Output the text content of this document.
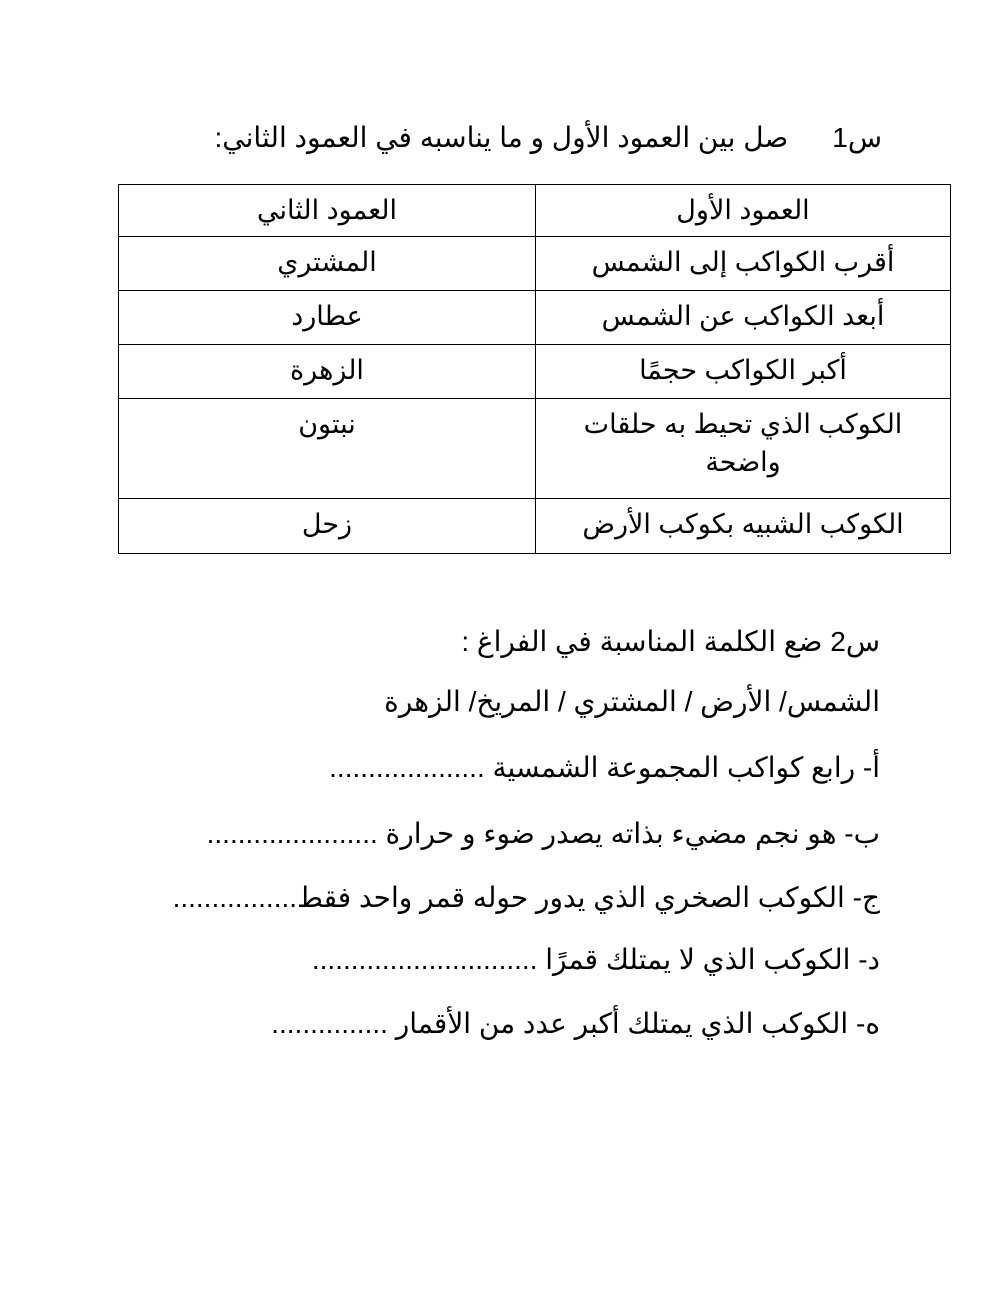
س1صل بين العمود الأول و ما يناسبه في العمود الثاني:
العمود الأول	العمود الثاني
أقرب الكواكب إلى الشمس	المشتري
أبعد الكواكب عن الشمس	عطارد
أكبر الكواكب حجمًا	الزهرة
الكوكب الذي تحيط به حلقات واضحة	نبتون
الكوكب الشبيه بكوكب الأرض	زحل
س2 ضع الكلمة المناسبة في الفراغ :
الشمس/ الأرض / المشتري / المريخ/ الزهرة
أ- رابع كواكب المجموعة الشمسية ....................
ب- هو نجم مضيء بذاته يصدر ضوء و حرارة ......................
ج- الكوكب الصخري الذي يدور حوله قمر واحد فقط................
د- الكوكب الذي لا يمتلك قمرًا .............................
ه- الكوكب الذي يمتلك أكبر عدد من الأقمار ...............
